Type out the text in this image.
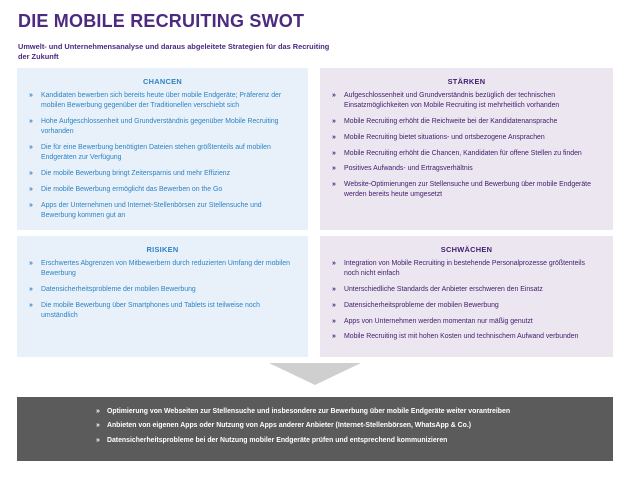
DIE MOBILE RECRUITING SWOT
Umwelt- und Unternehmensanalyse und daraus abgeleitete Strategien für das Recruiting der Zukunft
CHANCEN
» Kandidaten bewerben sich bereits heute über mobile Endgeräte; Präferenz der mobilen Bewerbung gegenüber der Traditionellen verschiebt sich
» Hohe Aufgeschlossenheit und Grundverständnis gegenüber Mobile Recruiting vorhanden
» Die für eine Bewerbung benötigten Dateien stehen größtenteils auf mobilen Endgeräten zur Verfügung
» Die mobile Bewerbung bringt Zeitersparnis und mehr Effizienz
» Die mobile Bewerbung ermöglicht das Bewerben on the Go
» Apps der Unternehmen und Internet-Stellenbörsen zur Stellensuche und Bewerbung kommen gut an
STÄRKEN
» Aufgeschlossenheit und Grundverständnis bezüglich der technischen Einsatzmöglichkeiten von Mobile Recruiting ist mehrheitlich vorhanden
» Mobile Recruiting erhöht die Reichweite bei der Kandidatenansprache
» Mobile Recruiting bietet situations- und ortsbezogene Ansprachen
» Mobile Recruiting erhöht die Chancen, Kandidaten für offene Stellen zu finden
» Positives Aufwands- und Ertragsverhältnis
» Website-Optimierungen zur Stellensuche und Bewerbung über mobile Endgeräte werden bereits heute umgesetzt
RISIKEN
» Erschwertes Abgrenzen von Mitbewerbern durch reduzierten Umfang der mobilen Bewerbung
» Datensicherheitsprobleme der mobilen Bewerbung
» Die mobile Bewerbung über Smartphones und Tablets ist teilweise noch umständlich
SCHWÄCHEN
» Integration von Mobile Recruiting in bestehende Personalprozesse größtenteils noch nicht einfach
» Unterschiedliche Standards der Anbieter erschweren den Einsatz
» Datensicherheitsprobleme der mobilen Bewerbung
» Apps von Unternehmen werden momentan nur mäßig genutzt
» Mobile Recruiting ist mit hohen Kosten und technischem Aufwand verbunden
» Optimierung von Webseiten zur Stellensuche und insbesondere zur Bewerbung über mobile Endgeräte weiter vorantreiben
» Anbieten von eigenen Apps oder Nutzung von Apps anderer Anbieter (Internet-Stellenbörsen, WhatsApp & Co.)
» Datensicherheitsprobleme bei der Nutzung mobiler Endgeräte prüfen und entsprechend kommunizieren
